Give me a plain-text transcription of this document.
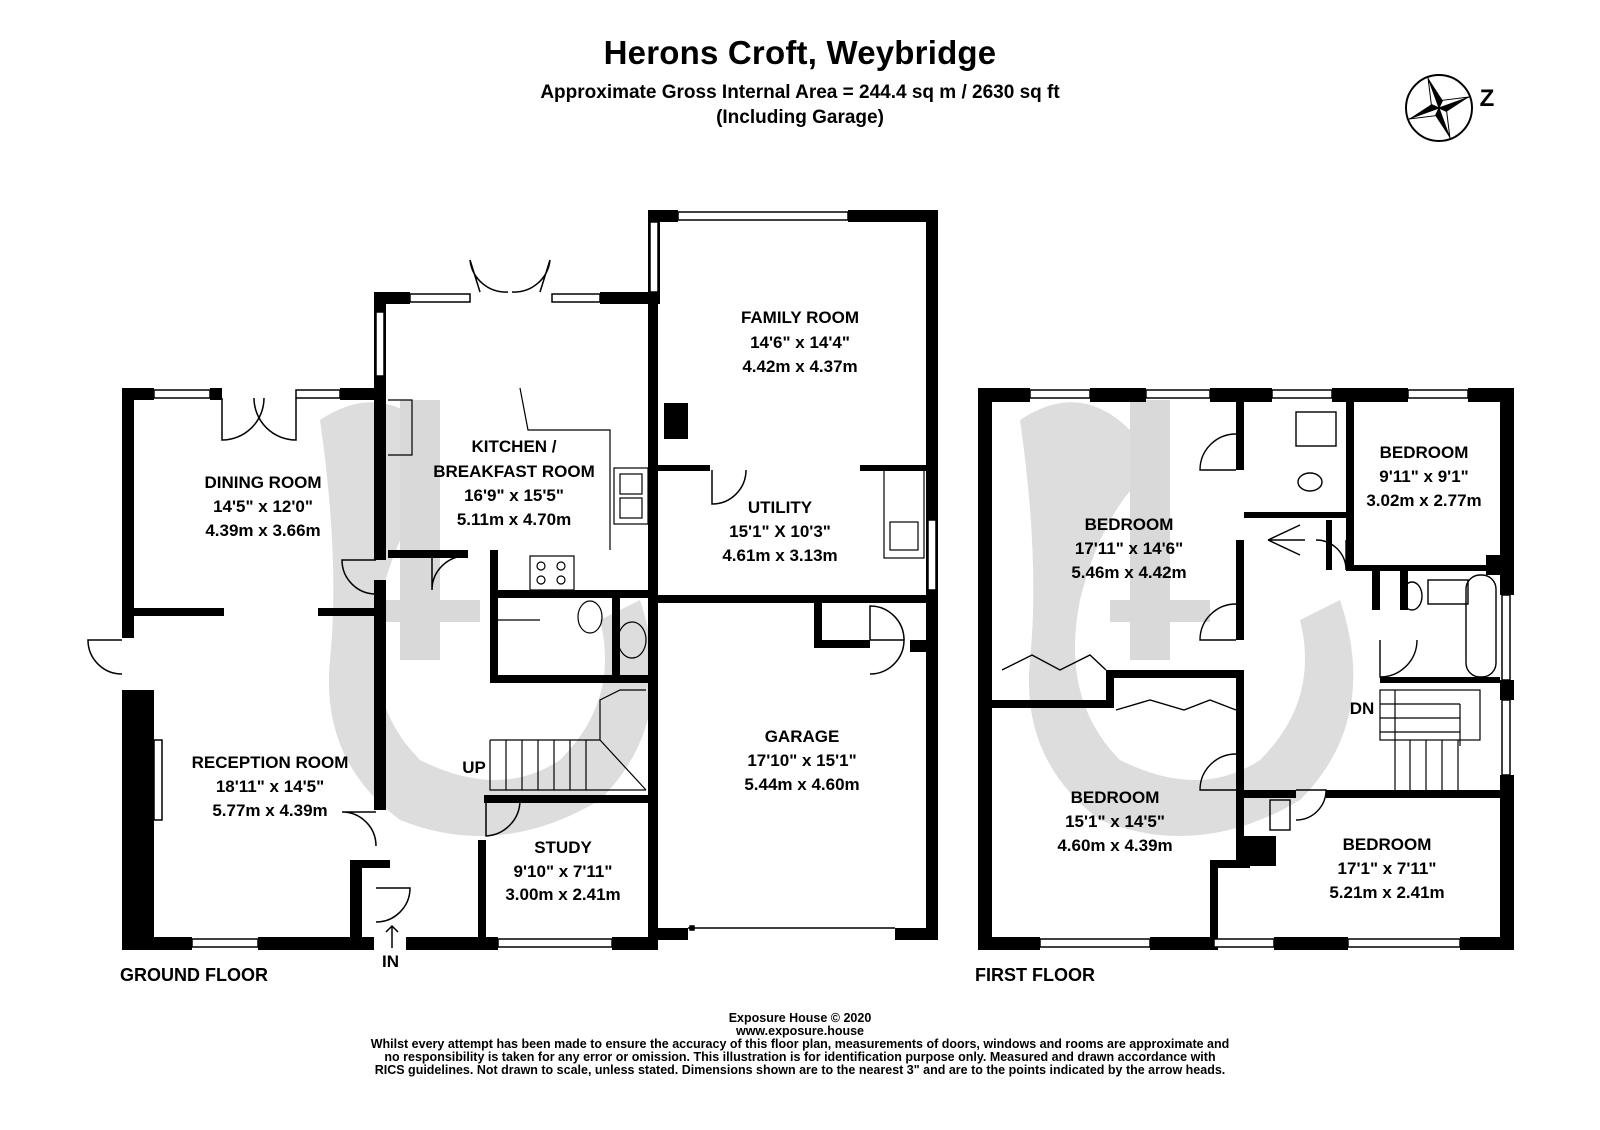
Herons Croft, Weybridge
Approximate Gross Internal Area = 244.4 sq m / 2630 sq ft
(Including Garage)
Z
FAMILY ROOM
14'6" x 14'4"
4.42m x 4.37m
KITCHEN /
BREAKFAST ROOM
16'9" x 15'5"
5.11m x 4.70m
DINING ROOM
14'5" x 12'0"
4.39m x 3.66m
UTILITY
15'1" X 10'3"
4.61m x 3.13m
RECEPTION ROOM
18'11" x 14'5"
5.77m x 4.39m
GARAGE
17'10" x 15'1"
5.44m x 4.60m
STUDY
9'10" x 7'11"
3.00m x 2.41m
UP
BEDROOM
17'11" x 14'6"
5.46m x 4.42m
BEDROOM
9'11" x 9'1"
3.02m x 2.77m
BEDROOM
15'1" x 14'5"
4.60m x 4.39m	BEDROOM
17'1" x 7'11"
5.21m x 2.41m
DN
GROUND FLOOR
IN
FIRST FLOOR
Exposure House © 2020
www.exposure.house
Whilst every attempt has been made to ensure the accuracy of this floor plan, measurements of doors, windows and rooms are approximate and
no responsibility is taken for any error or omission. This illustration is for identification purpose only. Measured and drawn accordance with
RICS guidelines. Not drawn to scale, unless stated. Dimensions shown are to the nearest 3" and are to the points indicated by the arrow heads.
